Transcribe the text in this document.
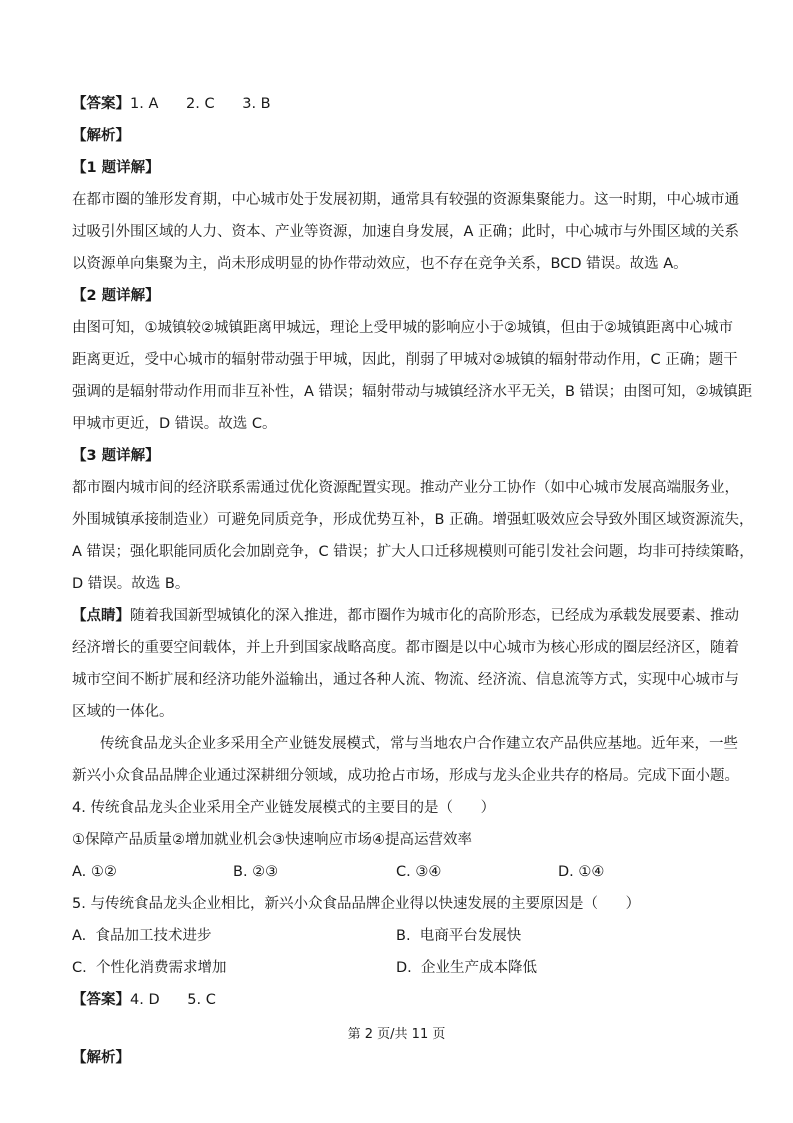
【答案】1. A      2. C      3. B
【解析】
【1 题详解】
在都市圈的雏形发育期，中心城市处于发展初期，通常具有较强的资源集聚能力。这一时期，中心城市通
过吸引外围区域的人力、资本、产业等资源，加速自身发展，A 正确；此时，中心城市与外围区域的关系
以资源单向集聚为主，尚未形成明显的协作带动效应，也不存在竞争关系，BCD 错误。故选 A。
【2 题详解】
由图可知，①城镇较②城镇距离甲城远，理论上受甲城的影响应小于②城镇，但由于②城镇距离中心城市
距离更近，受中心城市的辐射带动强于甲城，因此，削弱了甲城对②城镇的辐射带动作用，C 正确；题干
强调的是辐射带动作用而非互补性，A 错误；辐射带动与城镇经济水平无关，B 错误；由图可知，②城镇距
甲城市更近，D 错误。故选 C。
【3 题详解】
都市圈内城市间的经济联系需通过优化资源配置实现。推动产业分工协作（如中心城市发展高端服务业，
外围城镇承接制造业）可避免同质竞争，形成优势互补，B 正确。增强虹吸效应会导致外围区域资源流失，
A 错误；强化职能同质化会加剧竞争，C 错误；扩大人口迁移规模则可能引发社会问题，均非可持续策略，
D 错误。故选 B。
【点睛】随着我国新型城镇化的深入推进，都市圈作为城市化的高阶形态，已经成为承载发展要素、推动
经济增长的重要空间载体，并上升到国家战略高度。都市圈是以中心城市为核心形成的圈层经济区，随着
城市空间不断扩展和经济功能外溢输出，通过各种人流、物流、经济流、信息流等方式，实现中心城市与
区域的一体化。
传统食品龙头企业多采用全产业链发展模式，常与当地农户合作建立农产品供应基地。近年来，一些
新兴小众食品品牌企业通过深耕细分领域，成功抢占市场，形成与龙头企业共存的格局。完成下面小题。
4. 传统食品龙头企业采用全产业链发展模式的主要目的是（      ）
①保障产品质量②增加就业机会③快速响应市场④提高运营效率
A. ①②	B. ②③	C. ③④	D. ①④
5. 与传统食品龙头企业相比，新兴小众食品品牌企业得以快速发展的主要原因是（      ）
A.  食品加工技术进步	B.  电商平台发展快
C.  个性化消费需求增加	D.  企业生产成本降低
【答案】4. D      5. C
【解析】
第 2 页/共 11 页
